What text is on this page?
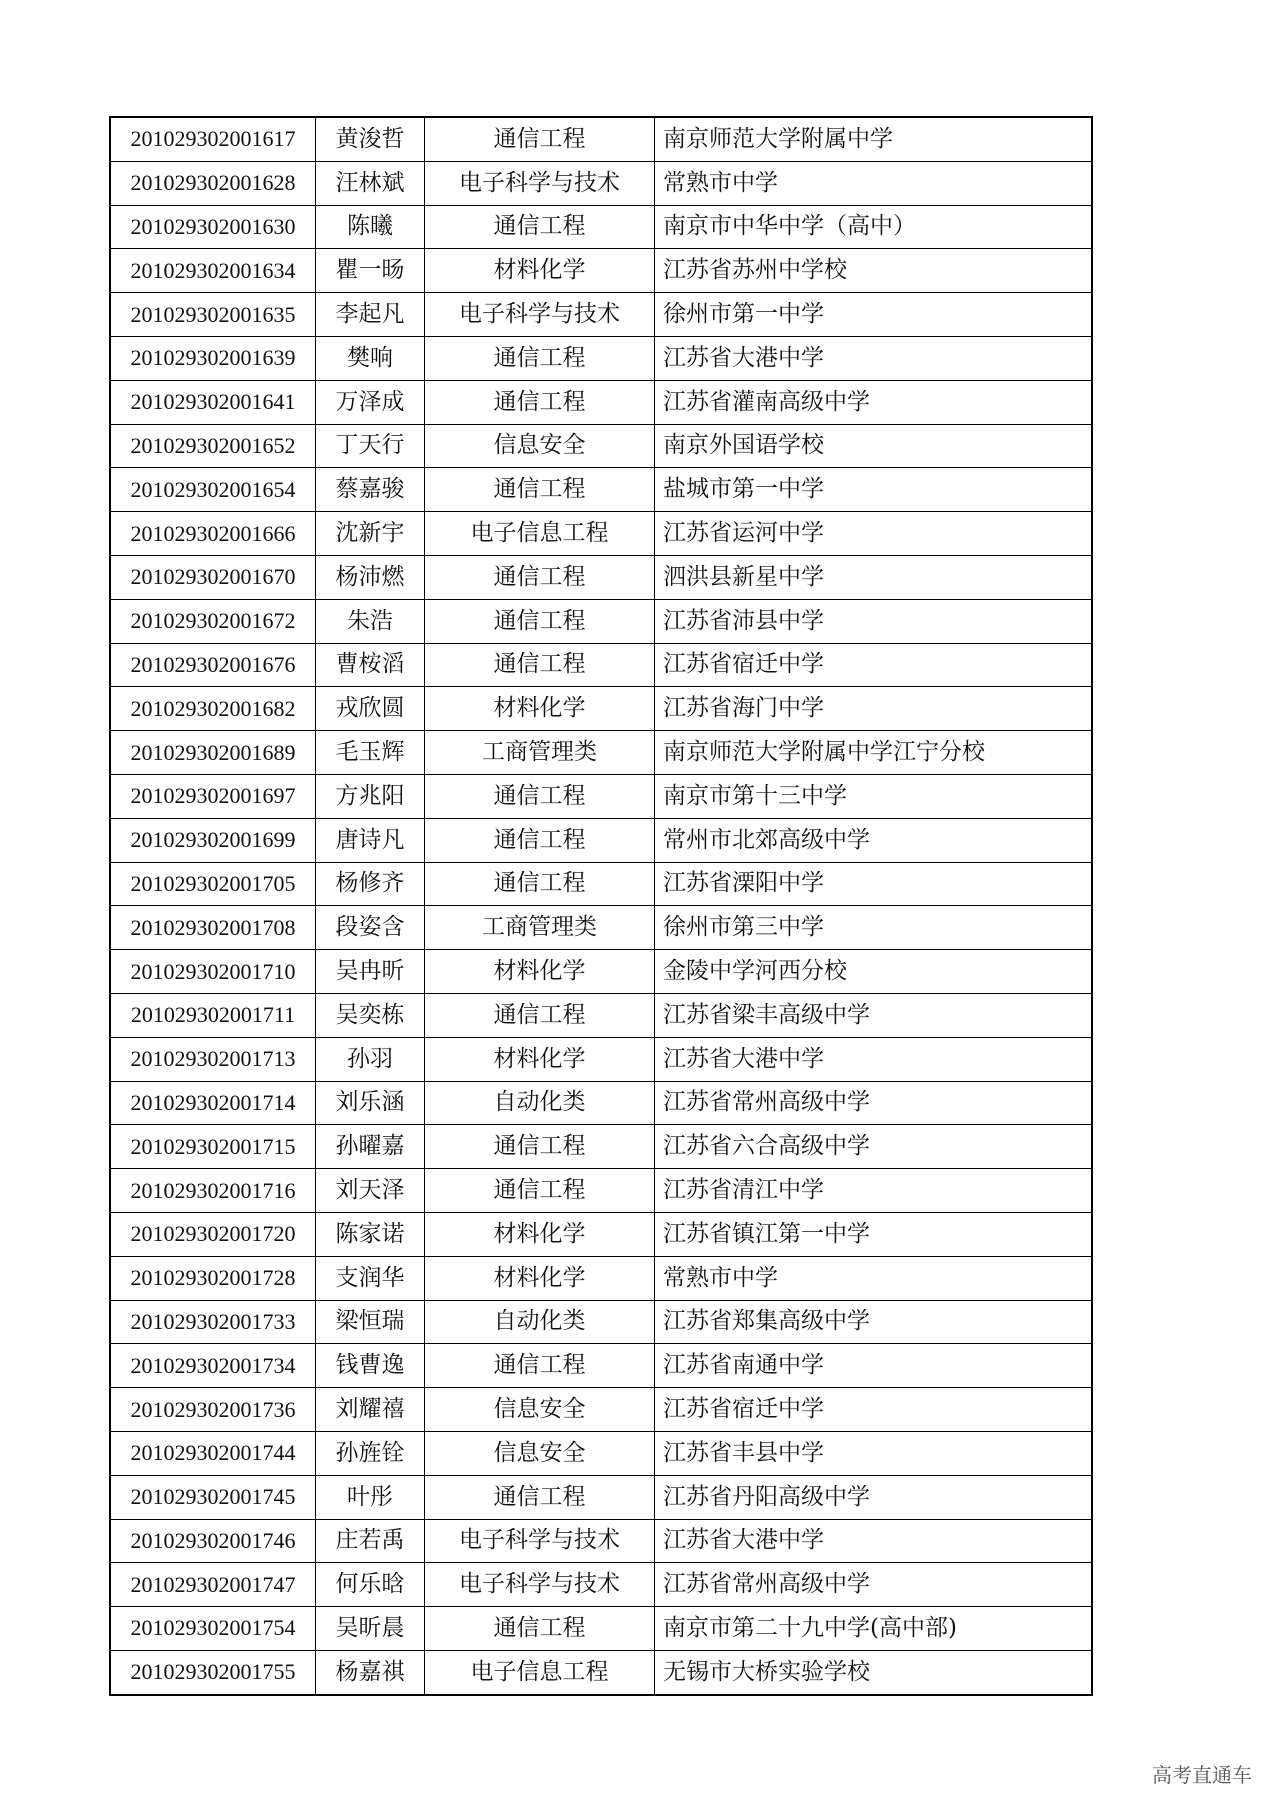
201029302001617	黄浚哲	通信工程	南京师范大学附属中学
201029302001628	汪林斌	电子科学与技术	常熟市中学
201029302001630	陈曦	通信工程	南京市中华中学（高中）
201029302001634	瞿一旸	材料化学	江苏省苏州中学校
201029302001635	李起凡	电子科学与技术	徐州市第一中学
201029302001639	樊响	通信工程	江苏省大港中学
201029302001641	万泽成	通信工程	江苏省灌南高级中学
201029302001652	丁天行	信息安全	南京外国语学校
201029302001654	蔡嘉骏	通信工程	盐城市第一中学
201029302001666	沈新宇	电子信息工程	江苏省运河中学
201029302001670	杨沛燃	通信工程	泗洪县新星中学
201029302001672	朱浩	通信工程	江苏省沛县中学
201029302001676	曹桉滔	通信工程	江苏省宿迁中学
201029302001682	戎欣圆	材料化学	江苏省海门中学
201029302001689	毛玉辉	工商管理类	南京师范大学附属中学江宁分校
201029302001697	方兆阳	通信工程	南京市第十三中学
201029302001699	唐诗凡	通信工程	常州市北郊高级中学
201029302001705	杨修齐	通信工程	江苏省溧阳中学
201029302001708	段姿含	工商管理类	徐州市第三中学
201029302001710	吴冉昕	材料化学	金陵中学河西分校
201029302001711	吴奕栋	通信工程	江苏省梁丰高级中学
201029302001713	孙羽	材料化学	江苏省大港中学
201029302001714	刘乐涵	自动化类	江苏省常州高级中学
201029302001715	孙曜嘉	通信工程	江苏省六合高级中学
201029302001716	刘天泽	通信工程	江苏省清江中学
201029302001720	陈家诺	材料化学	江苏省镇江第一中学
201029302001728	支润华	材料化学	常熟市中学
201029302001733	梁恒瑞	自动化类	江苏省郑集高级中学
201029302001734	钱曹逸	通信工程	江苏省南通中学
201029302001736	刘耀禧	信息安全	江苏省宿迁中学
201029302001744	孙旌铨	信息安全	江苏省丰县中学
201029302001745	叶彤	通信工程	江苏省丹阳高级中学
201029302001746	庄若禹	电子科学与技术	江苏省大港中学
201029302001747	何乐晗	电子科学与技术	江苏省常州高级中学
201029302001754	吴昕晨	通信工程	南京市第二十九中学(高中部)
201029302001755	杨嘉祺	电子信息工程	无锡市大桥实验学校
高考直通车
